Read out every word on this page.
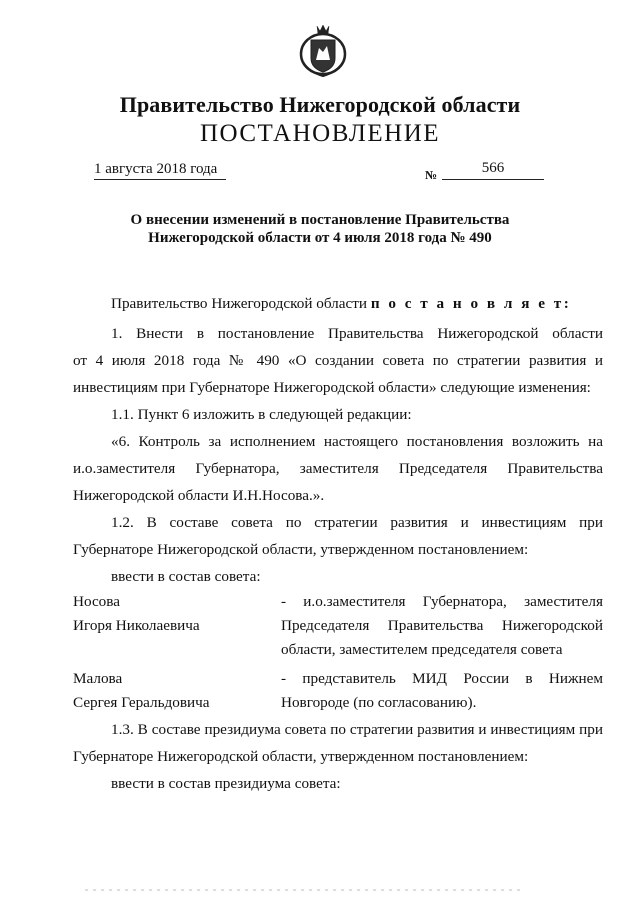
Правительство Нижегородской области
ПОСТАНОВЛЕНИЕ
1 августа 2018 года	№	566
О внесении изменений в постановление Правительства
Нижегородской области от 4 июля 2018 года № 490
Правительство Нижегородской области п о с т а н о в л я е т:
1. Внести в постановление Правительства Нижегородской области
от 4 июля 2018 года № 490 «О создании совета по стратегии развития и
инвестициям при Губернаторе Нижегородской области» следующие изменения:
1.1. Пункт 6 изложить в следующей редакции:
«6. Контроль за исполнением настоящего постановления возложить на
и.о.заместителя Губернатора, заместителя Председателя Правительства
Нижегородской области И.Н.Носова.».
1.2. В составе совета по стратегии развития и инвестициям при
Губернаторе Нижегородской области, утвержденном постановлением:
ввести в состав совета:
Носова
Игоря Николаевича
- и.о.заместителя Губернатора, заместителя
Председателя Правительства Нижегородской
области, заместителем председателя совета
Малова
Сергея Геральдовича
- представитель МИД России в Нижнем
Новгороде (по согласованию).
1.3. В составе президиума совета по стратегии развития и инвестициям при
Губернаторе Нижегородской области, утвержденном постановлением:
ввести в состав президиума совета:
